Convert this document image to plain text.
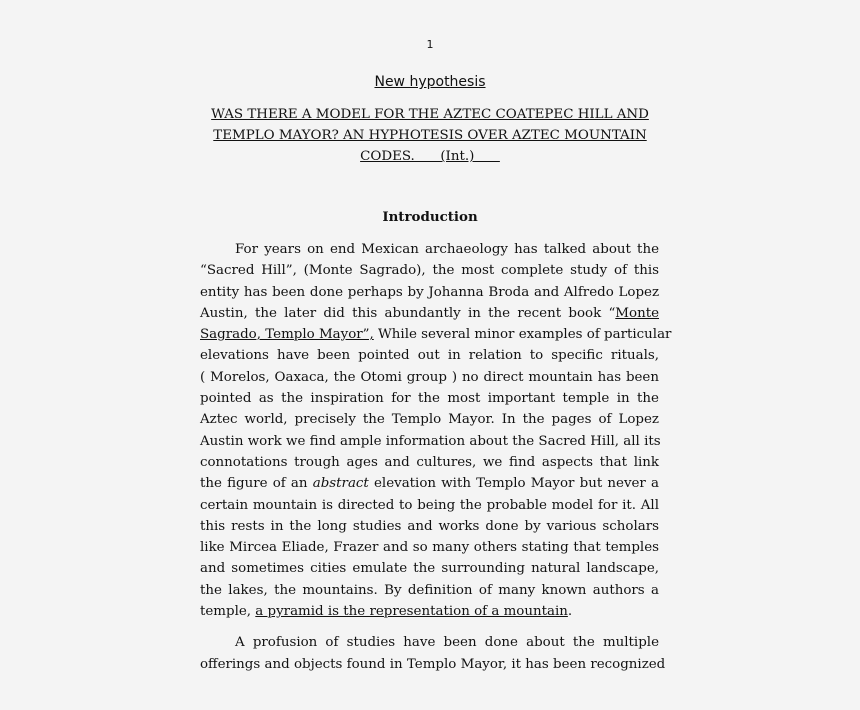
1
New hypothesis
WAS THERE A MODEL FOR THE AZTEC COATEPEC HILL AND
TEMPLO MAYOR? AN HYPHOTESIS OVER AZTEC MOUNTAIN
CODES.      (Int.)
Introduction
For years on end Mexican archaeology has talked about the
“Sacred Hill”, (Monte Sagrado), the most complete study of this
entity has been done perhaps by Johanna Broda and Alfredo Lopez
Austin, the later did this abundantly in the recent book “Monte
Sagrado, Templo Mayor”, While several minor examples of particular
elevations have been pointed out in relation to specific rituals,
( Morelos, Oaxaca, the Otomi group ) no direct mountain has been
pointed as the inspiration for the most important temple in the
Aztec world, precisely the Templo Mayor. In the pages of Lopez
Austin work we find ample information about the Sacred Hill, all its
connotations trough ages and cultures, we find aspects that link
the figure of an abstract elevation with Templo Mayor but never a
certain mountain is directed to being the probable model for it. All
this rests in the long studies and works done by various scholars
like Mircea Eliade, Frazer and so many others stating that temples
and sometimes cities emulate the surrounding natural landscape,
the lakes, the mountains. By definition of many known authors a
temple, a pyramid is the representation of a mountain.
A profusion of studies have been done about the multiple
offerings and objects found in Templo Mayor, it has been recognized
